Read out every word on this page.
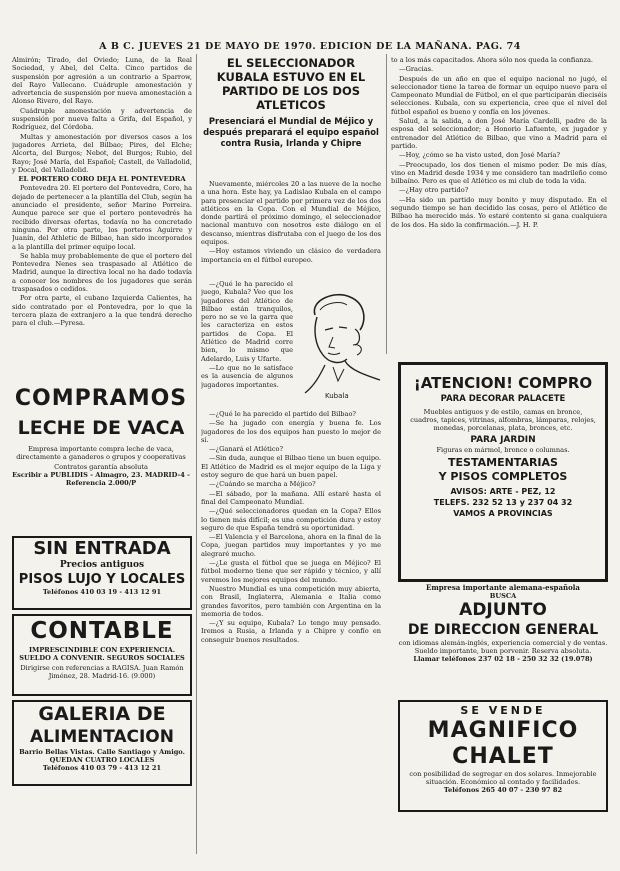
A B C. JUEVES 21 DE MAYO DE 1970. EDICION DE LA MAÑANA. PAG. 74

Almirón; Tirado, del Oviedo; Luna, de la Real Sociedad, y Abel, del Celta. Cinco partidos de suspensión por agresión a un contrario a Sparrow, del Rayo Vallecano. Cuádruple amonestación y advertencia de suspensión por nueva amonestación a Alonso Rivero, del Rayo.

Cuádruple amonestación y advertencia de suspensión por nueva falta a Grifa, del Español, y Rodríguez, del Córdoba.

Multas y amonestación por diversos casos a los jugadores Arrieta, del Bilbao; Pires, del Elche; Alcorta, del Burgos; Nebot, del Burgos; Rubio, del Rayo; José María, del Español; Castell, de Valladolid, y Docal, del Valladolid.

EL PORTERO CORO DEJA EL PONTEVEDRA

Pontevedra 20. El portero del Pontevedra, Coro, ha dejado de pertenecer a la plantilla del Club, según ha anunciado el presidente, señor Marino Porreira. Aunque parece ser que el portero pontevedrés ha recibido diversas ofertas, todavía no ha concretado ninguna. Por otra parte, los porteros Aguirre y Juanín, del Athletic de Bilbao, han sido incorporados a la plantilla del primer equipo local.

Se habla muy probablemente de que el portero del Pontevedra Nenes sea traspasado al Atlético de Madrid, aunque la directiva local no ha dado todavía a conocer los nombres de los jugadores que serán traspasados o cedidos.

Por otra parte, el cubano Izquierda Calientes, ha sido contratado por el Pontevedra, por lo que la tercera plaza de extranjero a la que tendrá derecho para el club.—Pyresa.

COMPRAMOS
LECHE DE VACA
Empresa importante compra leche de vaca, directamente a ganaderos o grupos y cooperativas
Contratos garantía absoluta
Escribir a PUBLIDIS - Almagro, 23. MADRID-4 - Referencia 2.000/P
SIN ENTRADA
Precios antiguos
PISOS LUJO Y LOCALES
Teléfonos 410 03 19 - 413 12 91
CONTABLE
IMPRESCINDIBLE CON EXPERIENCIA. SUELDO A CONVENIR. SEGUROS SOCIALES
Dirigirse con referencias a RAGISA. Juan Ramón Jiménez, 28. Madrid-16. (9.000)
GALERIA DE
ALIMENTACION
Barrio Bellas Vistas. Calle Santiago y Amigo. QUEDAN CUATRO LOCALES
Teléfonos 410 03 79 - 413 12 21
EL SELECCIONADOR KUBALA ESTUVO EN EL PARTIDO DE LOS DOS ATLETICOS
Presenciará el Mundial de Méjico y después preparará el equipo español contra Rusia, Irlanda y Chipre

Nuevamente, miércoles 20 a las nueve de la noche a una hora. Este hay, ya Ladislao Kubala en el campo para presenciar el partido por primera vez de los dos atléticos en la Copa. Con el Mundial de Méjico, donde partirá el próximo domingo, el seleccionador nacional mantuvo con nosotros este diálogo en el descanso, mientras disfrutaba con el juego de los dos equipos.

—Hoy estamos viviendo un clásico de verdadera importancia en el fútbol europeo.

—¿Qué le ha parecido el juego, Kubala? Veo que los jugadores del Atlético de Bilbao están tranquilos, pero no se ve la garra que les caracteriza en estos partidos de Copa. El Atlético de Madrid corre bien, lo mismo que Adelardo, Luis y Ufarte.

—Lo que no le satisface es la ausencia de algunos jugadores importantes.

Kubala

—¿Qué le ha parecido el partido del Bilbao?

—Se ha jugado con energía y buena fe. Los jugadores de los dos equipos han puesto lo mejor de sí.

—¿Ganará el Atlético?

—Sin duda, aunque el Bilbao tiene un buen equipo. El Atlético de Madrid es el mejor equipo de la Liga y estoy seguro de que hará un buen papel.

—¿Cuándo se marcha a Méjico?

—El sábado, por la mañana. Allí estaré hasta el final del Campeonato Mundial.

—¿Qué seleccionadores quedan en la Copa? Ellos lo tienen más difícil; es una competición dura y estoy seguro de que España tendrá su oportunidad.

—El Valencia y el Barcelona, ahora en la final de la Copa, juegan partidos muy importantes y yo me alegraré mucho.

—¿Le gusta el fútbol que se juega en Méjico? El fútbol moderno tiene que ser rápido y técnico, y allí veremos los mejores equipos del mundo.

Nuestro Mundial es una competición muy abierta, con Brasil, Inglaterra, Alemania e Italia como grandes favoritos, pero también con Argentina en la memoria de todos.

—¿Y su equipo, Kubala? Lo tengo muy pensado. Iremos a Rusia, a Irlanda y a Chipre y confío en conseguir buenos resultados.

to a los más capacitados. Ahora sólo nos queda la confianza.

—Gracias.

Después de un año en que el equipo nacional no jugó, el seleccionador tiene la tarea de formar un equipo nuevo para el Campeonato Mundial de Fútbol, en el que participarán dieciséis selecciones. Kubala, con su experiencia, cree que el nivel del fútbol español es bueno y confía en los jóvenes.

Salud, a la salida, a don José María Cardelli, padre de la esposa del seleccionador; a Honorio Lafuente, ex jugador y entrenador del Atlético de Bilbao, que vino a Madrid para el partido.

—Hoy, ¿cómo se ha visto usted, don José María?

—Preocupado, los dos tienen el mismo poder. De mis días, vino en Madrid desde 1934 y me considero tan madrileño como bilbaíno. Pero es que el Atlético es mi club de toda la vida.

—¿Hay otro partido?

—Ha sido un partido muy bonito y muy disputado. En el segundo tiempo se han decidido las cosas, pero el Atlético de Bilbao ha merecido más. Yo estaré contento si gana cualquiera de los dos. Ha sido la confirmación.—J. H. P.

¡ATENCION! COMPRO
PARA DECORAR PALACETE
Muebles antiguos y de estilo, camas en bronce, cuadros, tapices, vitrinas, alfombras, lámparas, relojes, monedas, porcelanas, plata, bronces, etc.
PARA JARDIN
Figuras en mármol, bronce o columnas.
TESTAMENTARIAS
Y PISOS COMPLETOS
AVISOS: ARTE - PEZ, 12
TELEFS. 232 52 13 y 237 04 32
VAMOS A PROVINCIAS
Empresa importante alemana-española
BUSCA
ADJUNTO
DE DIRECCION GENERAL
con idiomas alemán-inglés, experiencia comercial y de ventas. Sueldo importante, buen porvenir. Reserva absoluta.
Llamar teléfonos 237 02 18 - 250 32 32 (19.078)
SE VENDE
MAGNIFICO
CHALET
con posibilidad de segregar en dos solares. Inmejorable situación. Económico al contado y facilidades.
Teléfonos 265 40 07 - 230 97 82
